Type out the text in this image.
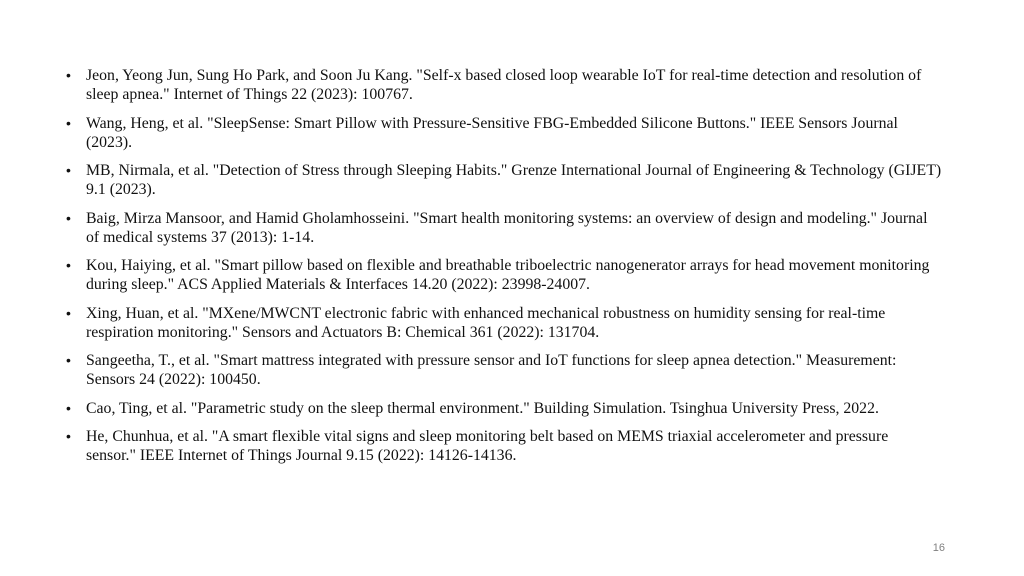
• Jeon, Yeong Jun, Sung Ho Park, and Soon Ju Kang. "Self-x based closed loop wearable IoT for real-time detection and resolution of sleep apnea." Internet of Things 22 (2023): 100767.
• Wang, Heng, et al. "SleepSense: Smart Pillow with Pressure-Sensitive FBG-Embedded Silicone Buttons." IEEE Sensors Journal (2023).
• MB, Nirmala, et al. "Detection of Stress through Sleeping Habits." Grenze International Journal of Engineering & Technology (GIJET) 9.1 (2023).
• Baig, Mirza Mansoor, and Hamid Gholamhosseini. "Smart health monitoring systems: an overview of design and modeling." Journal of medical systems 37 (2013): 1-14.
• Kou, Haiying, et al. "Smart pillow based on flexible and breathable triboelectric nanogenerator arrays for head movement monitoring during sleep." ACS Applied Materials & Interfaces 14.20 (2022): 23998-24007.
• Xing, Huan, et al. "MXene/MWCNT electronic fabric with enhanced mechanical robustness on humidity sensing for real-time respiration monitoring." Sensors and Actuators B: Chemical 361 (2022): 131704.
• Sangeetha, T., et al. "Smart mattress integrated with pressure sensor and IoT functions for sleep apnea detection." Measurement: Sensors 24 (2022): 100450.
• Cao, Ting, et al. "Parametric study on the sleep thermal environment." Building Simulation. Tsinghua University Press, 2022.
• He, Chunhua, et al. "A smart flexible vital signs and sleep monitoring belt based on MEMS triaxial accelerometer and pressure sensor." IEEE Internet of Things Journal 9.15 (2022): 14126-14136.
16
